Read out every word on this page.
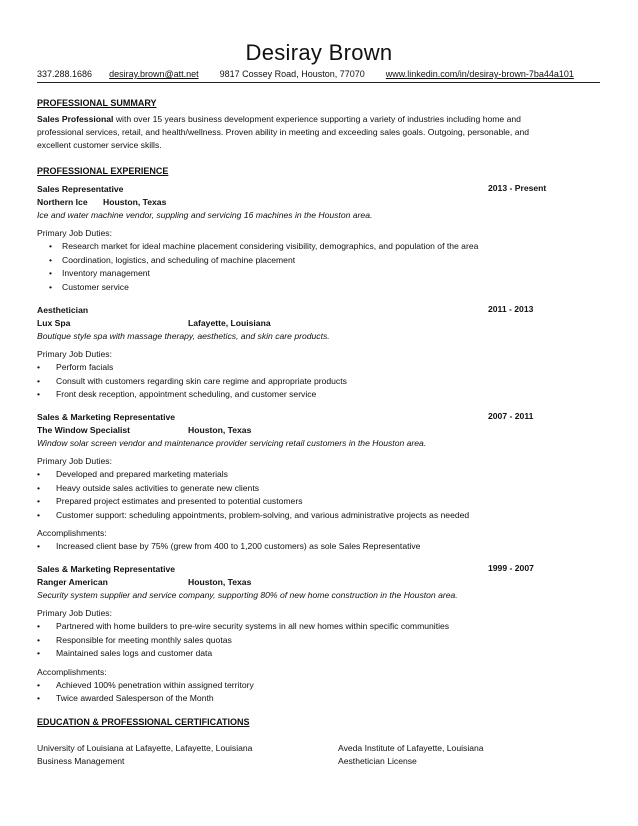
Desiray Brown
337.288.1686 desiray.brown@att.net 9817 Cossey Road, Houston, 77070 www.linkedin.com/in/desiray-brown-7ba44a101
PROFESSIONAL SUMMARY
Sales Professional with over 15 years business development experience supporting a variety of industries including home and
professional services, retail, and health/wellness. Proven ability in meeting and exceeding sales goals. Outgoing, personable, and
excellent customer service skills.
PROFESSIONAL EXPERIENCE
Sales Representative
Northern Ice Houston, Texas
Ice and water machine vendor, suppling and servicing 16 machines in the Houston area.
Primary Job Duties:
• Research market for ideal machine placement considering visibility, demographics, and population of the area
• Coordination, logistics, and scheduling of machine placement
• Inventory management
• Customer service
2013 - Present
Aesthetician
Lux Spa	Lafayette, Louisiana
Boutique style spa with massage therapy, aesthetics, and skin care products.
Primary Job Duties:
• Perform facials
• Consult with customers regarding skin care regime and appropriate products
• Front desk reception, appointment scheduling, and customer service
2011 - 2013
Sales & Marketing Representative
The Window Specialist	Houston, Texas
Window solar screen vendor and maintenance provider servicing retail customers in the Houston area.
Primary Job Duties:
• Developed and prepared marketing materials
• Heavy outside sales activities to generate new clients
• Prepared project estimates and presented to potential customers
• Customer support: scheduling appointments, problem-solving, and various administrative projects as needed
Accomplishments:
• Increased client base by 75% (grew from 400 to 1,200 customers) as sole Sales Representative
2007 - 2011
Sales & Marketing Representative
Ranger American	Houston, Texas
Security system supplier and service company, supporting 80% of new home construction in the Houston area.
Primary Job Duties:
• Partnered with home builders to pre-wire security systems in all new homes within specific communities
• Responsible for meeting monthly sales quotas
• Maintained sales logs and customer data
Accomplishments:
• Achieved 100% penetration within assigned territory
• Twice awarded Salesperson of the Month
1999 - 2007
EDUCATION & PROFESSIONAL CERTIFICATIONS
University of Louisiana at Lafayette, Lafayette, Louisiana
Business Management
Aveda Institute of Lafayette, Louisiana
Aesthetician License
